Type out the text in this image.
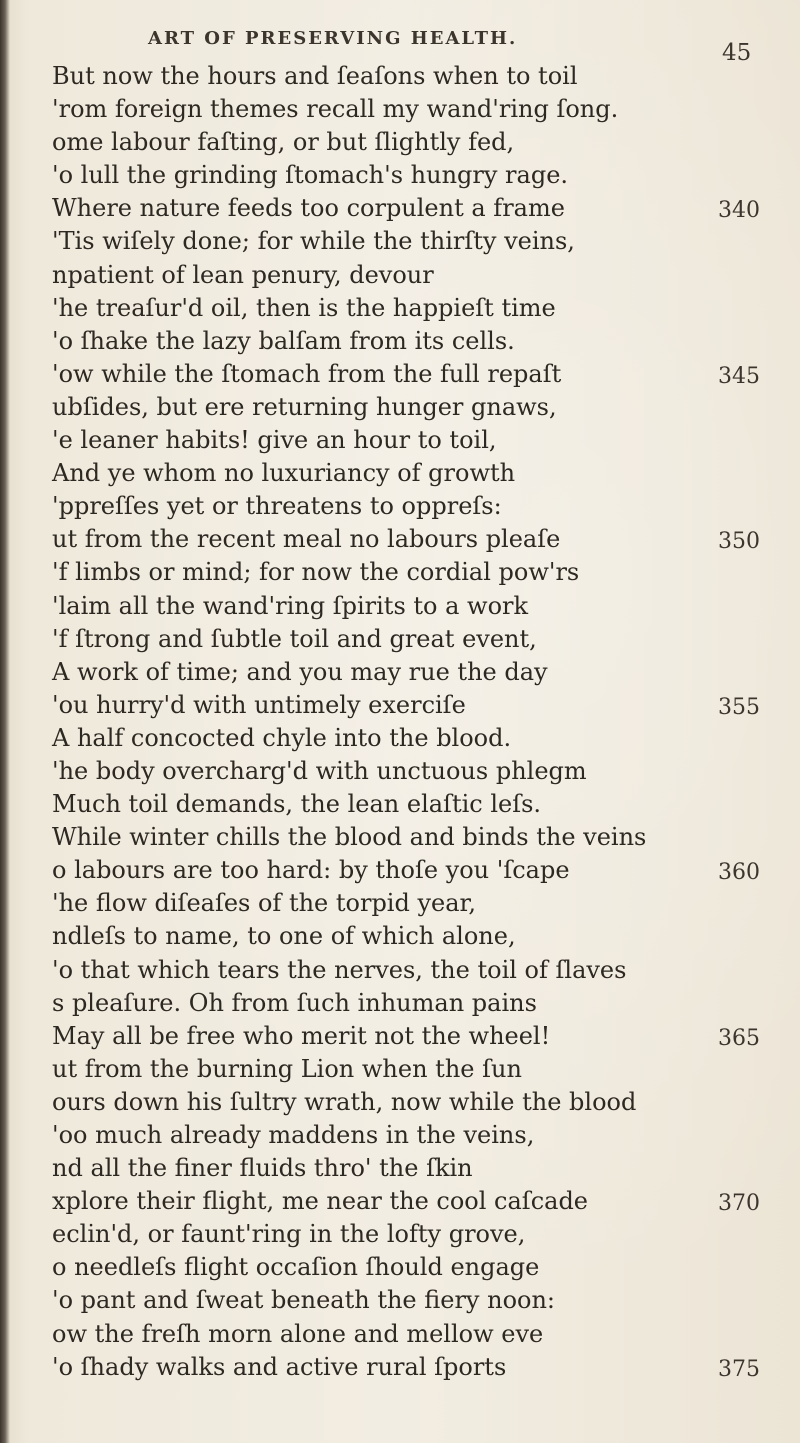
ART OF PRESERVING HEALTH.
45
But now the hours and ſeaſons when to toil
'rom foreign themes recall my wand'ring ſong.
ome labour faſting, or but ſlightly fed,
'o lull the grinding ſtomach's hungry rage.
Where nature feeds too corpulent a frame
'Tis wiſely done; for while the thirſty veins,
npatient of lean penury, devour
'he treaſur'd oil, then is the happieſt time
'o ſhake the lazy balſam from its cells.
'ow while the ſtomach from the full repaſt
ubſides, but ere returning hunger gnaws,
'e leaner habits! give an hour to toil,
And ye whom no luxuriancy of growth
'ppreſſes yet or threatens to oppreſs:
ut from the recent meal no labours pleaſe
'f limbs or mind; for now the cordial pow'rs
'laim all the wand'ring ſpirits to a work
'f ſtrong and ſubtle toil and great event,
A work of time; and you may rue the day
'ou hurry'd with untimely exerciſe
A half concocted chyle into the blood.
'he body overcharg'd with unctuous phlegm
Much toil demands, the lean elaſtic leſs.
While winter chills the blood and binds the veins
o labours are too hard: by thoſe you 'ſcape
'he flow diſeaſes of the torpid year,
ndleſs to name, to one of which alone,
'o that which tears the nerves, the toil of ſlaves
s pleaſure. Oh from ſuch inhuman pains
May all be free who merit not the wheel!
ut from the burning Lion when the ſun
ours down his ſultry wrath, now while the blood
'oo much already maddens in the veins,
nd all the finer fluids thro' the ſkin
xplore their flight, me near the cool caſcade
eclin'd, or faunt'ring in the lofty grove,
o needleſs flight occaſion ſhould engage
'o pant and ſweat beneath the fiery noon:
ow the freſh morn alone and mellow eve
'o ſhady walks and active rural ſports
340
345
350
355
360
365
370
375
